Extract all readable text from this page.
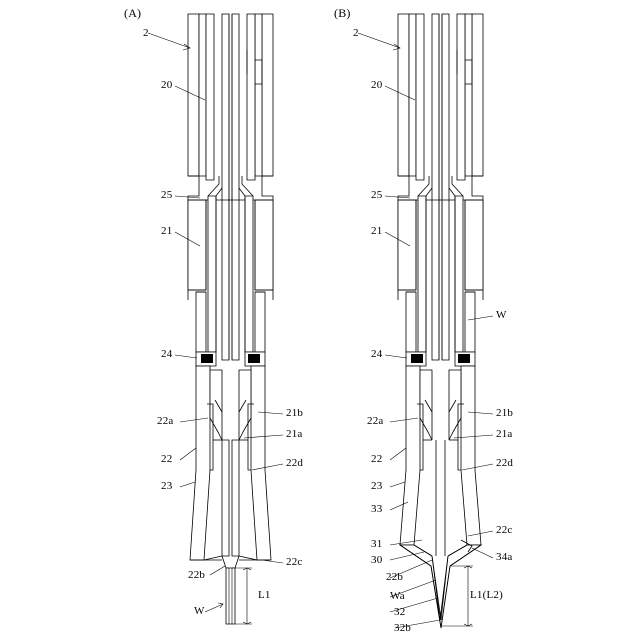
(A)
2
20
25
21
24
22a
22
23
21b
21a
22d
22c
22b
W
L1
(B)
2
20
25
21
W
24
22a
22
23
33
31
30
22b
Wa
32
32b
21b
21a
22d
22c
34a
L1(L2)
